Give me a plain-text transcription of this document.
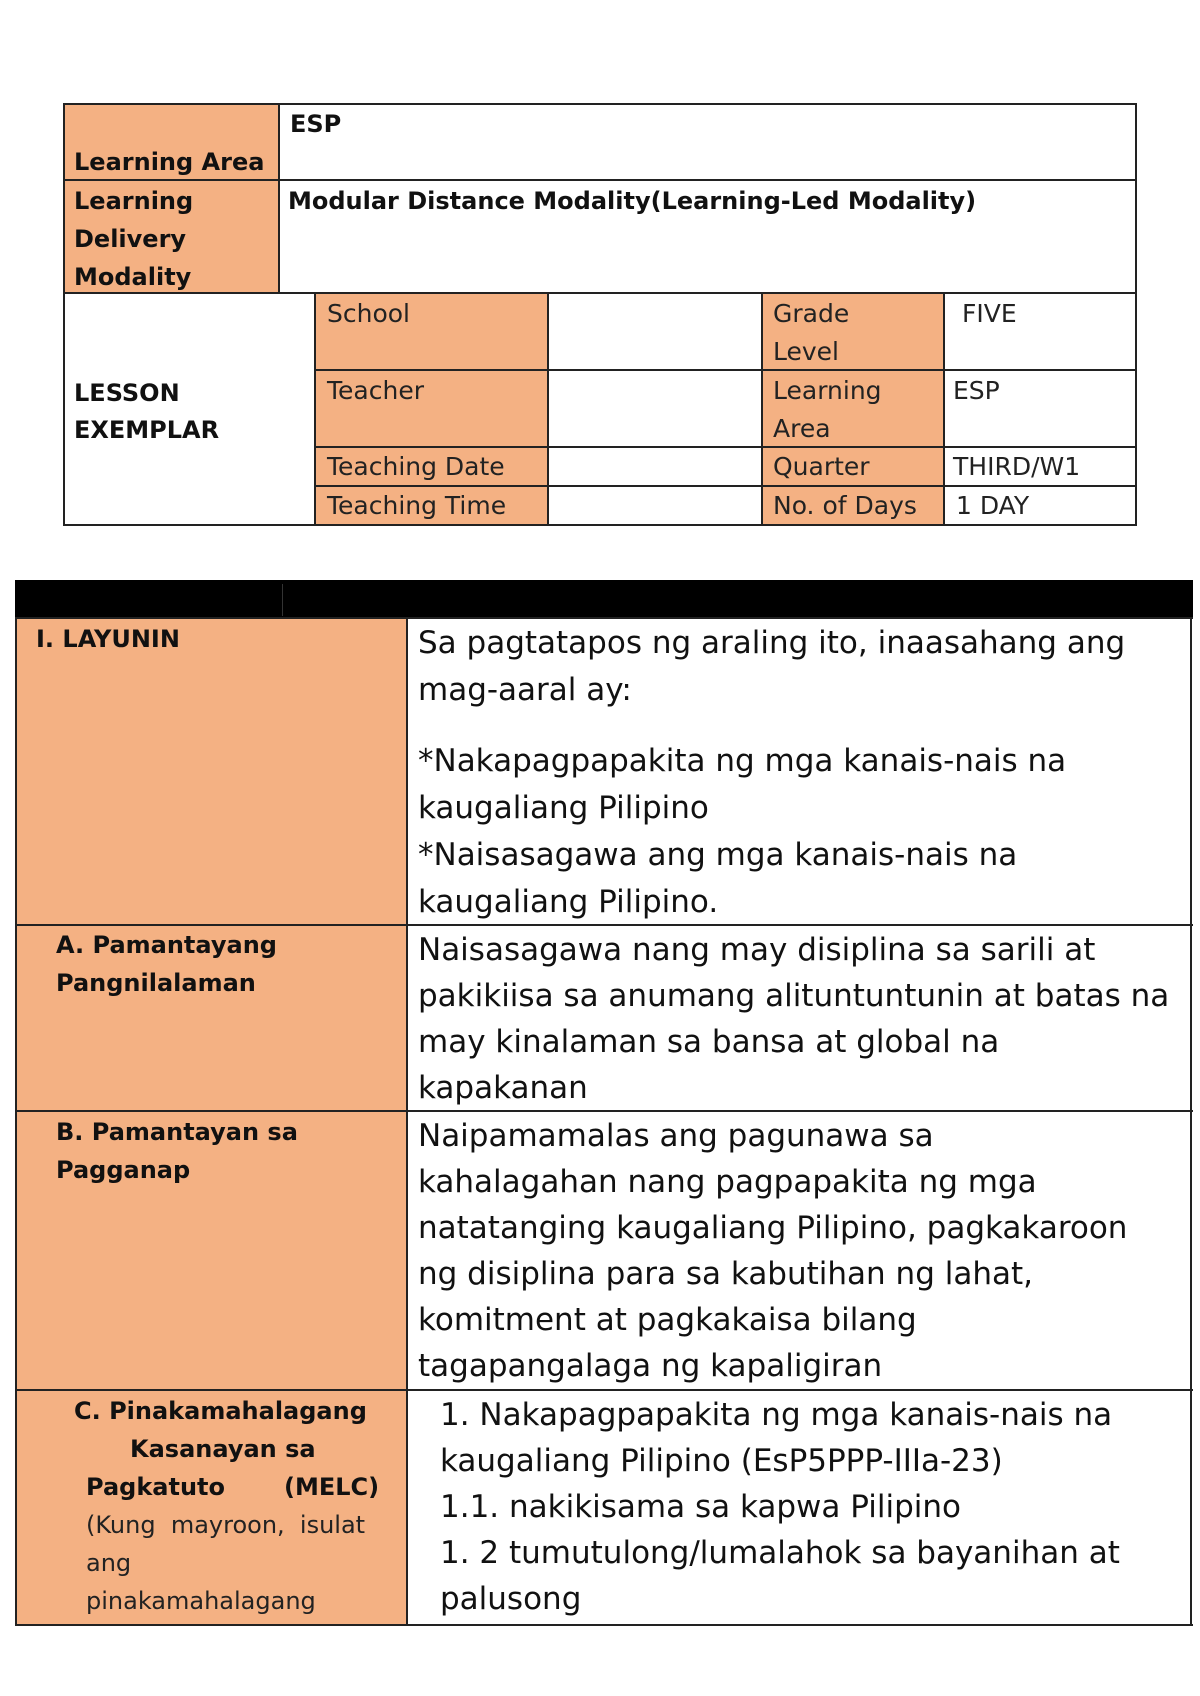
Learning Area
ESP
Learning
Delivery
Modality
Modular Distance Modality(Learning-Led Modality)
LESSON
EXEMPLAR
School
Teacher
Teaching Date
Teaching Time
Grade
Level
FIVE
Learning
Area
ESP
Quarter	THIRD/W1
No. of Days 1 DAY
I. LAYUNIN	Sa pagtatapos ng araling ito, inaasahang ang
mag-aaral ay:
*Nakapagpapakita ng mga kanais-nais na
kaugaliang Pilipino
*Naisasagawa ang mga kanais-nais na
kaugaliang Pilipino.
A. Pamantayang
Pangnilalaman
Naisasagawa nang may disiplina sa sarili at
pakikiisa sa anumang alituntuntunin at batas na
may kinalaman sa bansa at global na
kapakanan
B. Pamantayan sa
Pagganap
Naipamamalas ang pagunawa sa
kahalagahan nang pagpapakita ng mga
natatanging kaugaliang Pilipino, pagkakaroon
ng disiplina para sa kabutihan ng lahat,
komitment at pagkakaisa bilang
tagapangalaga ng kapaligiran
C. Pinakamahalagang
Kasanayan sa
Pagkatuto (MELC)
(Kung  mayroon,  isulat
ang
pinakamahalagang
1. Nakapagpapakita ng mga kanais-nais na
kaugaliang Pilipino (EsP5PPP-IIIa-23)
1.1. nakikisama sa kapwa Pilipino
1. 2 tumutulong/lumalahok sa bayanihan at
palusong
